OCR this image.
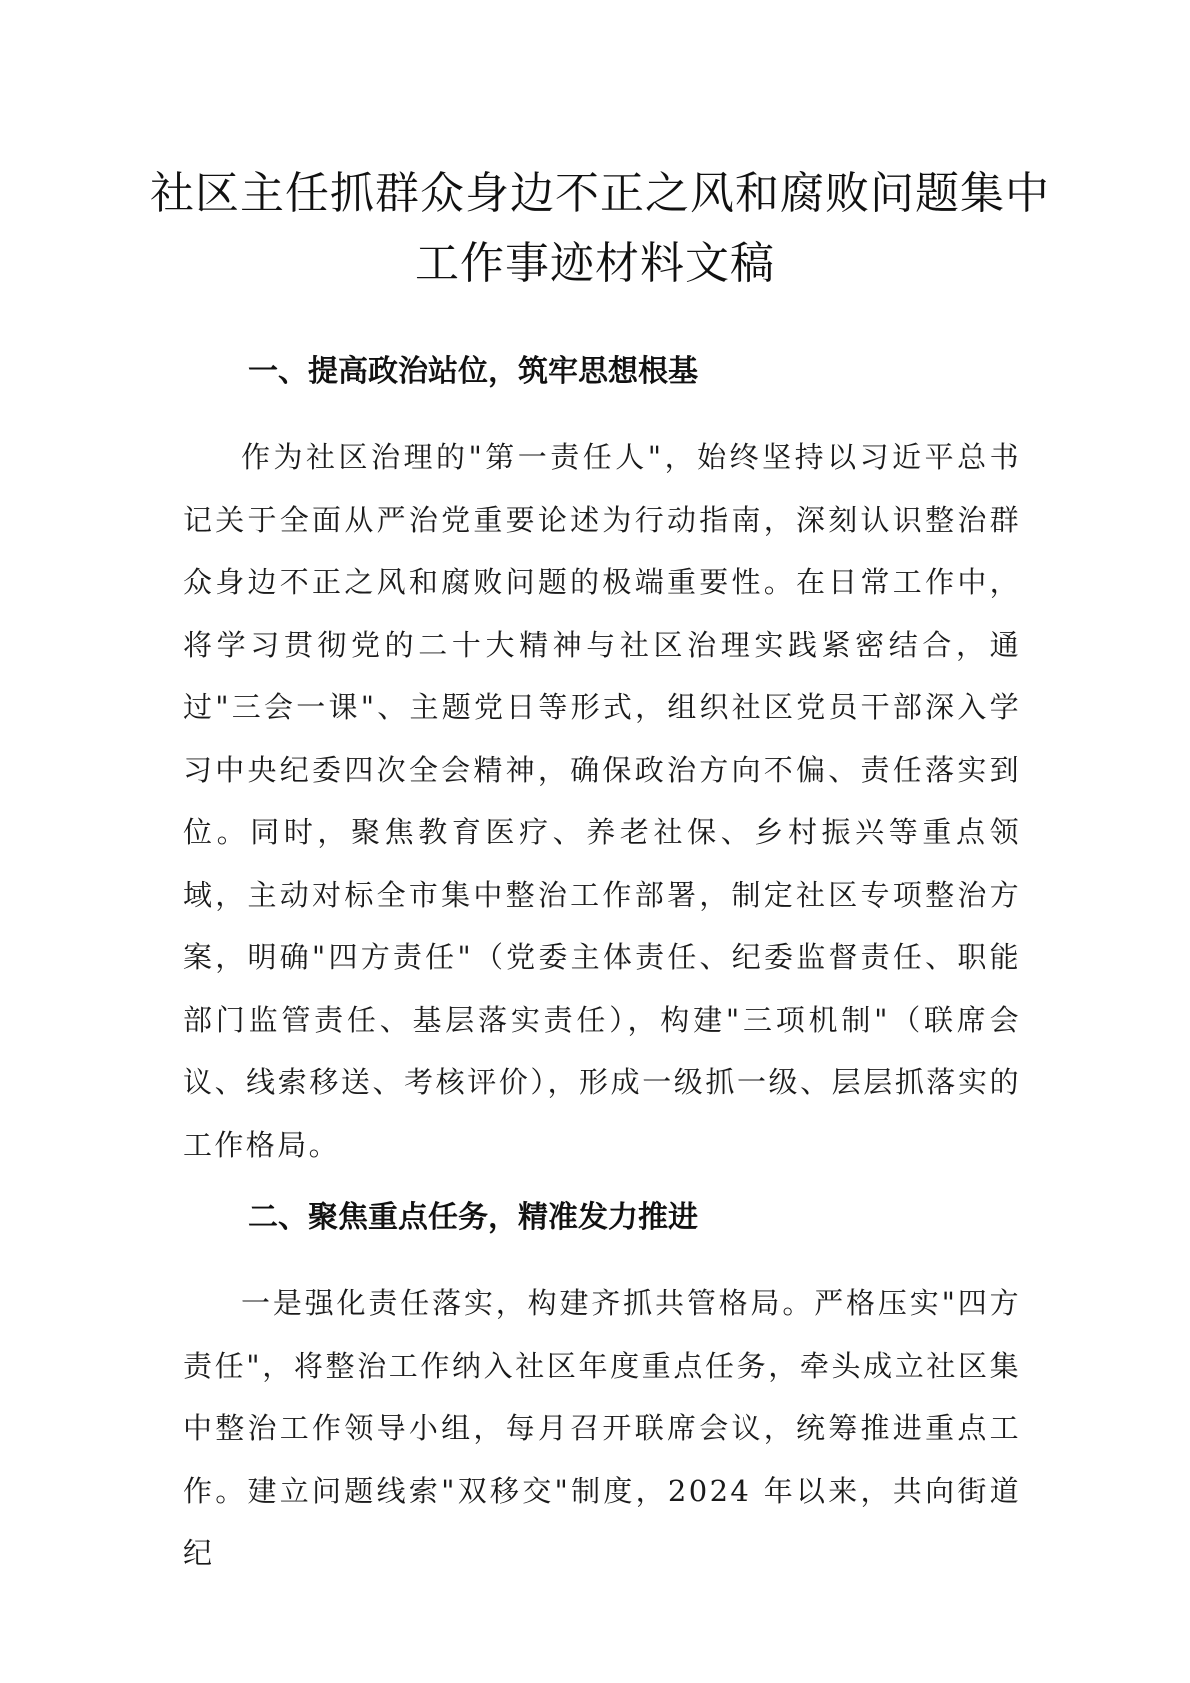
社区主任抓群众身边不正之风和腐败问题集中
工作事迹材料文稿
一、提高政治站位，筑牢思想根基

作为社区治理的"第一责任人"，始终坚持以习近平总书记关于全面从严治党重要论述为行动指南，深刻认识整治群众身边不正之风和腐败问题的极端重要性。在日常工作中，将学习贯彻党的二十大精神与社区治理实践紧密结合，通过"三会一课"、主题党日等形式，组织社区党员干部深入学习中央纪委四次全会精神，确保政治方向不偏、责任落实到位。同时，聚焦教育医疗、养老社保、乡村振兴等重点领域，主动对标全市集中整治工作部署，制定社区专项整治方案，明确"四方责任"（党委主体责任、纪委监督责任、职能部门监管责任、基层落实责任），构建"三项机制"（联席会议、线索移送、考核评价），形成一级抓一级、层层抓落实的工作格局。

二、聚焦重点任务，精准发力推进

一是强化责任落实，构建齐抓共管格局。严格压实"四方责任"，将整治工作纳入社区年度重点任务，牵头成立社区集中整治工作领导小组，每月召开联席会议，统筹推进重点工作。建立问题线索"双移交"制度，2024 年以来，共向街道纪
